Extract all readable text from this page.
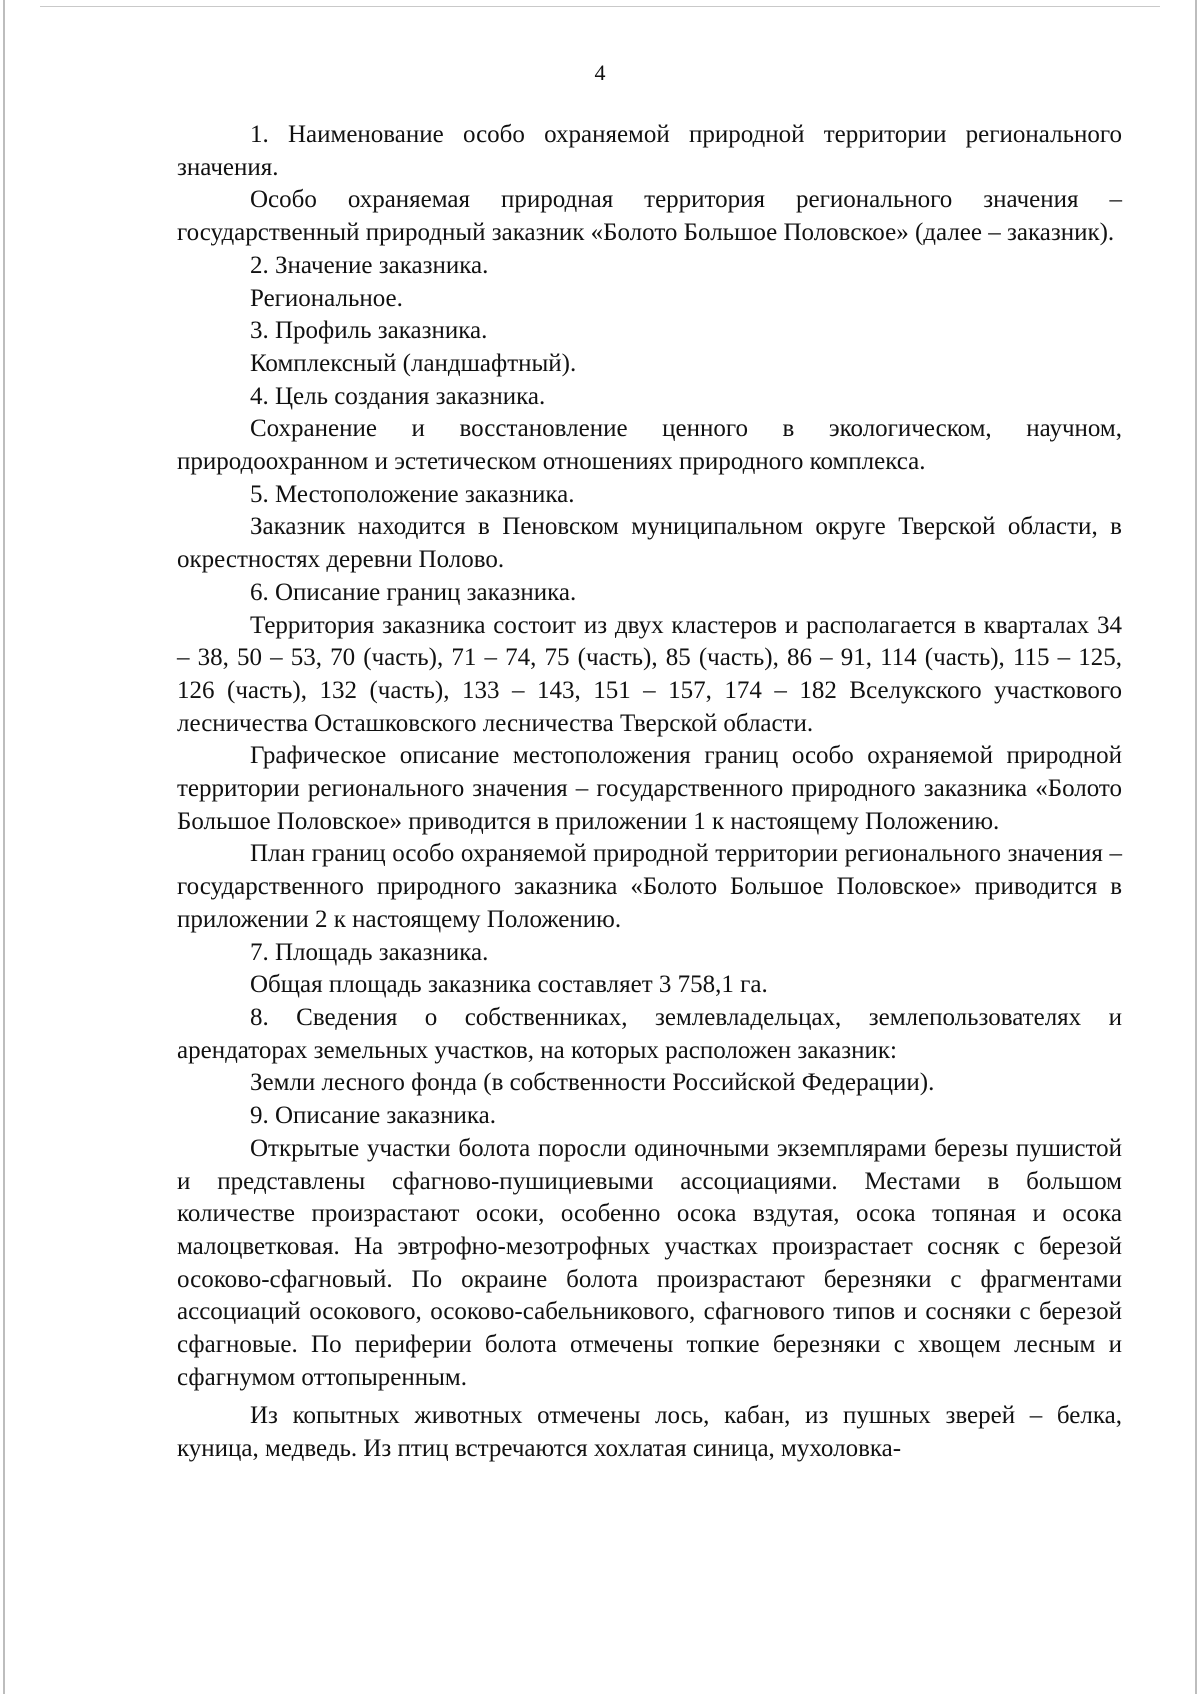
4

1. Наименование особо охраняемой природной территории регионального значения.

Особо охраняемая природная территория регионального значения – государственный природный заказник «Болото Большое Половское» (далее – заказник).

2. Значение заказника.

Региональное.

3. Профиль заказника.

Комплексный (ландшафтный).

4. Цель создания заказника.

Сохранение и восстановление ценного в экологическом, научном, природоохранном и эстетическом отношениях природного комплекса.

5. Местоположение заказника.

Заказник находится в Пеновском муниципальном округе Тверской области, в окрестностях деревни Полово.

6. Описание границ заказника.

Территория заказника состоит из двух кластеров и располагается в кварталах 34 – 38, 50 – 53, 70 (часть), 71 – 74, 75 (часть), 85 (часть), 86 – 91, 114 (часть), 115 – 125, 126 (часть), 132 (часть), 133 – 143, 151 – 157, 174 – 182 Вселукского участкового лесничества Осташковского лесничества Тверской области.

Графическое описание местоположения границ особо охраняемой природной территории регионального значения – государственного природного заказника «Болото Большое Половское» приводится в приложении 1 к настоящему Положению.

План границ особо охраняемой природной территории регионального значения – государственного природного заказника «Болото Большое Половское» приводится в приложении 2 к настоящему Положению.

7. Площадь заказника.

Общая площадь заказника составляет 3 758,1 га.

8. Сведения о собственниках, землевладельцах, землепользователях и арендаторах земельных участков, на которых расположен заказник:

Земли лесного фонда (в собственности Российской Федерации).

9. Описание заказника.

Открытые участки болота поросли одиночными экземплярами березы пушистой и представлены сфагново-пушициевыми ассоциациями. Местами в большом количестве произрастают осоки, особенно осока вздутая, осока топяная и осока малоцветковая. На эвтрофно-мезотрофных участках произрастает сосняк с березой осоково-сфагновый. По окраине болота произрастают березняки с фрагментами ассоциаций осокового, осоково-сабельникового, сфагнового типов и сосняки с березой сфагновые. По периферии болота отмечены топкие березняки с хвощем лесным и сфагнумом оттопыренным.

Из копытных животных отмечены лось, кабан, из пушных зверей – белка, куница, медведь. Из птиц встречаются хохлатая синица, мухоловка-
